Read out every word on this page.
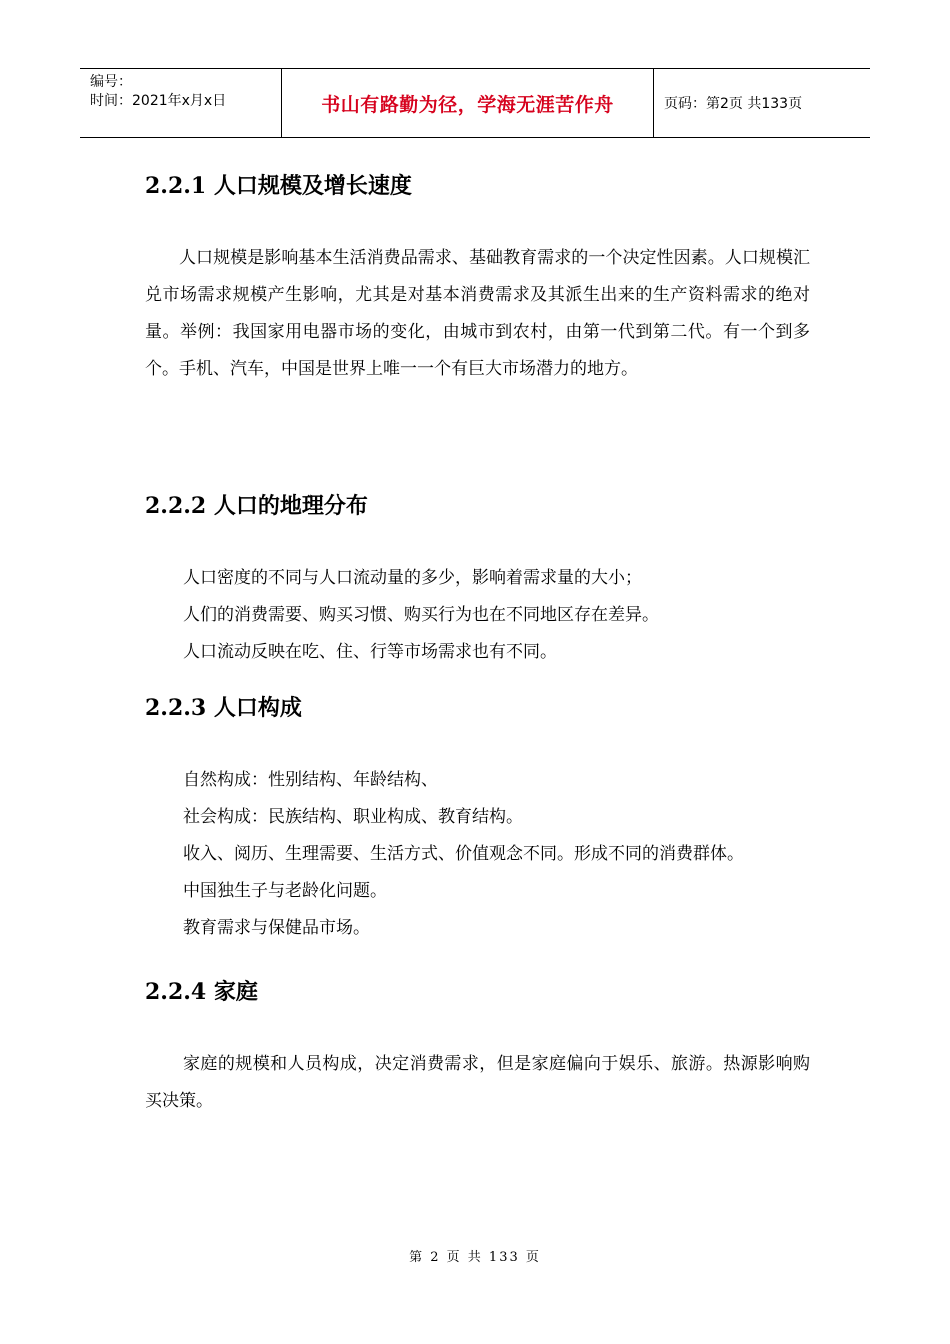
编号：
时间：2021年x月x日	书山有路勤为径，学海无涯苦作舟	页码：第2页 共133页
2.2.1 人口规模及增长速度

人口规模是影响基本生活消费品需求、基础教育需求的一个决定性因素。人口规模汇兑市场需求规模产生影响，尤其是对基本消费需求及其派生出来的生产资料需求的绝对量。举例：我国家用电器市场的变化，由城市到农村，由第一代到第二代。有一个到多个。手机、汽车，中国是世界上唯一一个有巨大市场潜力的地方。

2.2.2 人口的地理分布
人口密度的不同与人口流动量的多少，影响着需求量的大小；
人们的消费需要、购买习惯、购买行为也在不同地区存在差异。
人口流动反映在吃、住、行等市场需求也有不同。
2.2.3 人口构成
自然构成：性别结构、年龄结构、
社会构成：民族结构、职业构成、教育结构。
收入、阅历、生理需要、生活方式、价值观念不同。形成不同的消费群体。
中国独生子与老龄化问题。
教育需求与保健品市场。
2.2.4 家庭

家庭的规模和人员构成，决定消费需求，但是家庭偏向于娱乐、旅游。热源影响购买决策。

第 2 页 共 133 页
